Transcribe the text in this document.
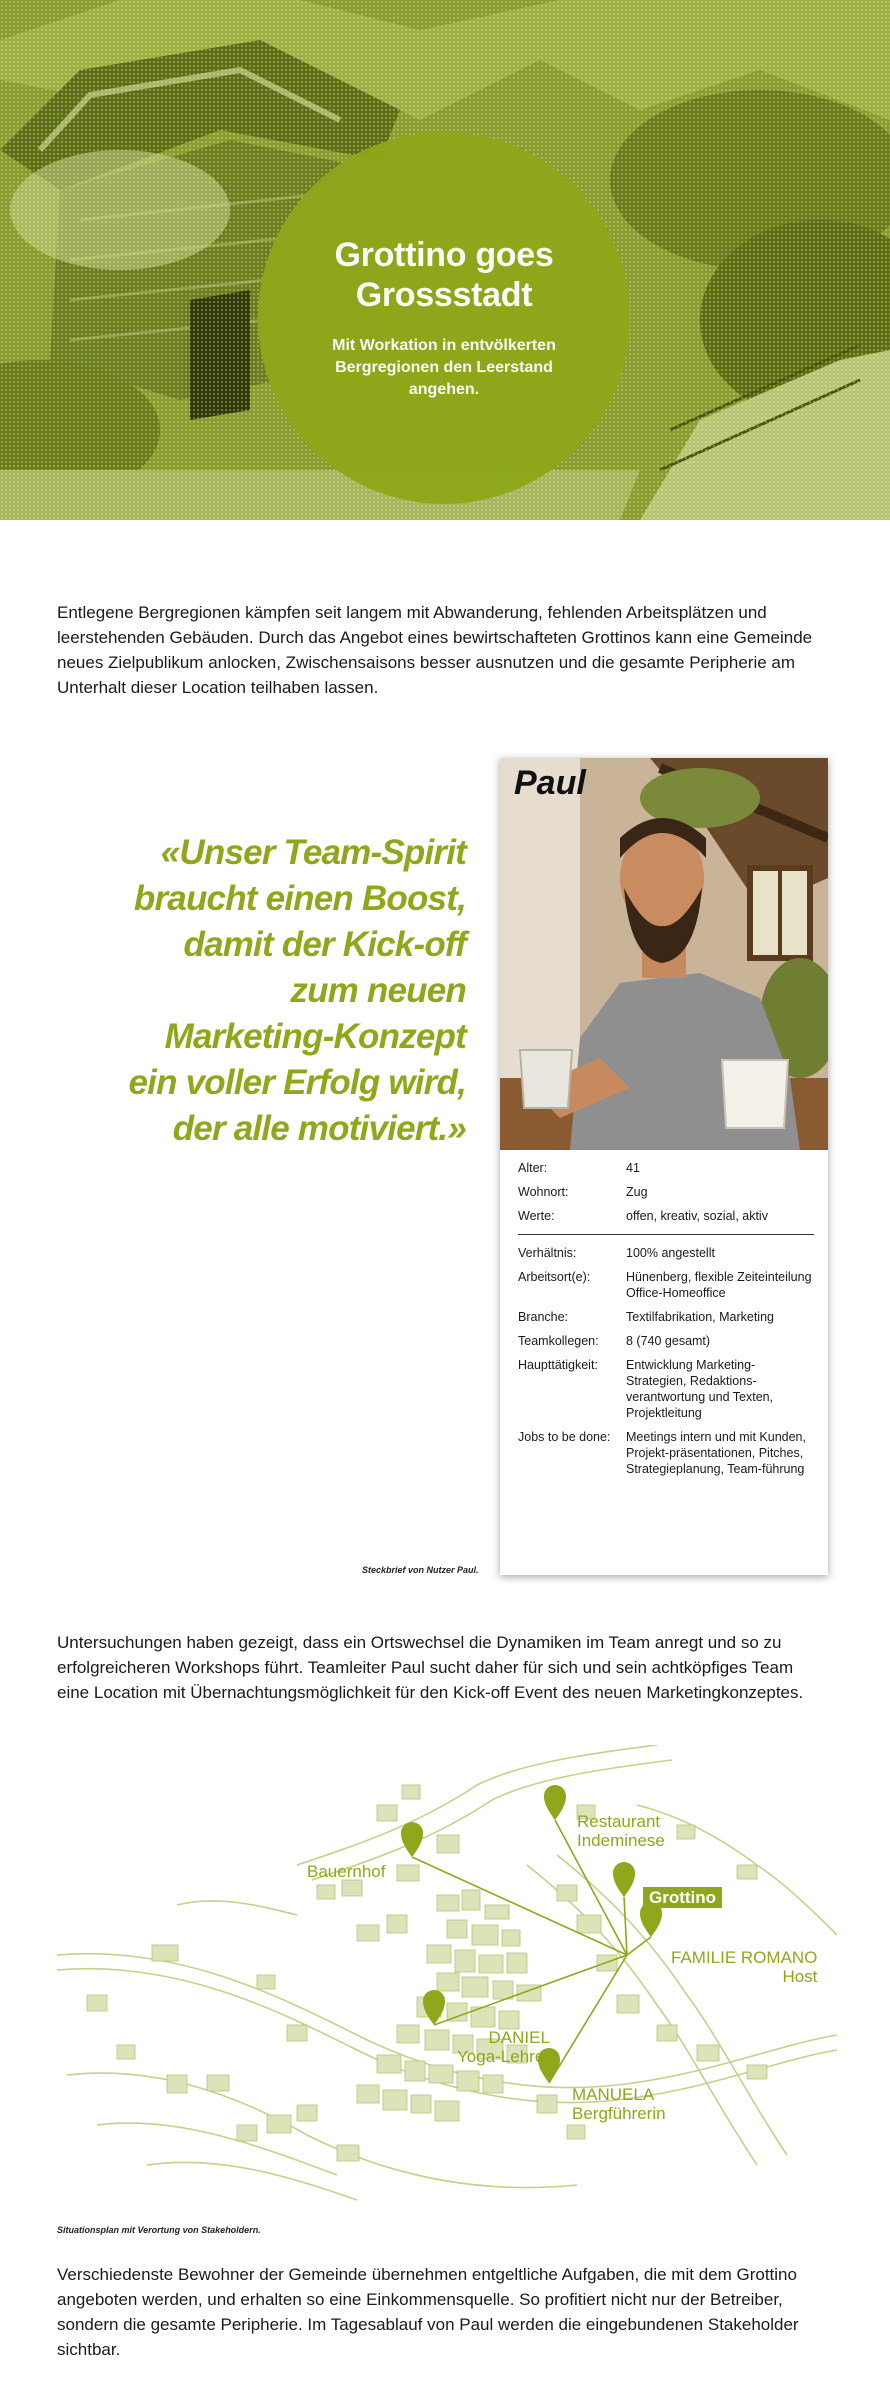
Grottino goes
Grossstadt
Mit Workation in entvölkerten
Bergregionen den Leerstand angehen.

Entlegene Bergregionen kämpfen seit langem mit Abwanderung, fehlenden Arbeitsplätzen und leerstehenden Gebäuden. Durch das Angebot eines bewirtschafteten Grottinos kann eine Gemeinde neues Zielpublikum anlocken, Zwischensaisons besser ausnutzen und die gesamte Peripherie am Unterhalt dieser Location teilhaben lassen.

«Unser Team-Spirit
braucht einen Boost,
damit der Kick-off
zum neuen
Marketing-Konzept
ein voller Erfolg wird,
der alle motiviert.»
Paul
Alter:	41
Wohnort:	Zug
Werte:	offen, kreativ, sozial, aktiv
Verhältnis:	100% angestellt
Arbeitsort(e):	Hünenberg, flexible Zeiteinteilung Office-Homeoffice
Branche:	Textilfabrikation, Marketing
Teamkollegen:	8 (740 gesamt)
Haupttätigkeit:	Entwicklung Marketing-Strategien, Redaktions-verantwortung und Texten, Projektleitung
Jobs to be done:	Meetings intern und mit Kunden, Projekt-präsentationen, Pitches, Strategieplanung, Team-führung
Steckbrief von Nutzer Paul.

Untersuchungen haben gezeigt, dass ein Ortswechsel die Dynamiken im Team anregt und so zu erfolgreicheren Workshops führt. Teamleiter Paul sucht daher für sich und sein achtköpfiges Team eine Location mit Übernachtungsmöglichkeit für den Kick-off Event des neuen Marketingkonzeptes.

Bauernhof
Restaurant
Indeminese
Grottino
FAMILIE ROMANO
Host
DANIEL
Yoga-Lehrer
MANUELA
Bergführerin
Situationsplan mit Verortung von Stakeholdern.

Verschiedenste Bewohner der Gemeinde übernehmen entgeltliche Aufgaben, die mit dem Grottino angeboten werden, und erhalten so eine Einkommensquelle. So profitiert nicht nur der Betreiber, sondern die gesamte Peripherie. Im Tagesablauf von Paul werden die eingebundenen Stakeholder sichtbar.
